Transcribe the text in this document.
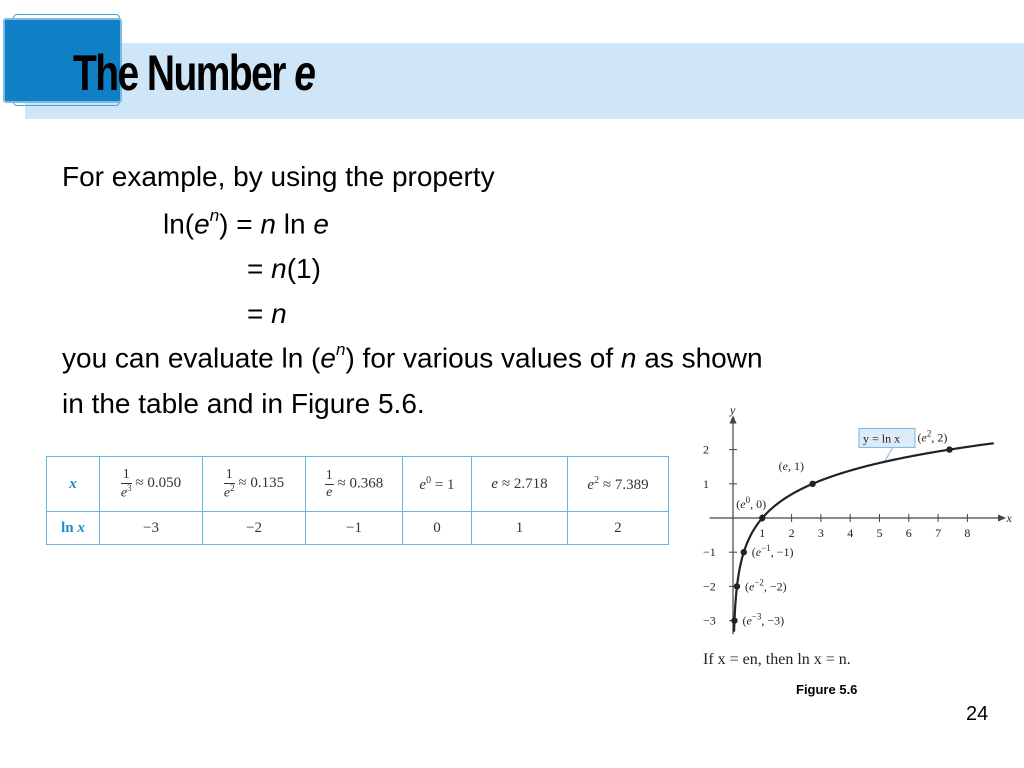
The Number e
For example, by using the property
$\ln(e^n) = n$ ln e
= n(1)
= n
you can evaluate $\ln (e^n)$ for various values of n as shown
in the table and in Figure 5.6.
x	$\frac{1}{e^3} \approx 0.050$	$\frac{1}{e^2} \approx 0.135$	$\frac{1}{e} \approx 0.368$	$e^0 = 1$	e ≈ 2.718	$e^2 \approx 7.389$
ln x	−3	−2	−1	0	1	2
x
y
1 2 3 4 5 6 7 8
2
1
−1
−2
−3 ($e^{-3}$, −3)
($e^{-2}$, −2)
($e^{-1}$, −1)
($e^0$, 0)
(e, 1)
($e^2$, 2)
y = ln x
If x = en, then ln x = n.
Figure 5.6
24
